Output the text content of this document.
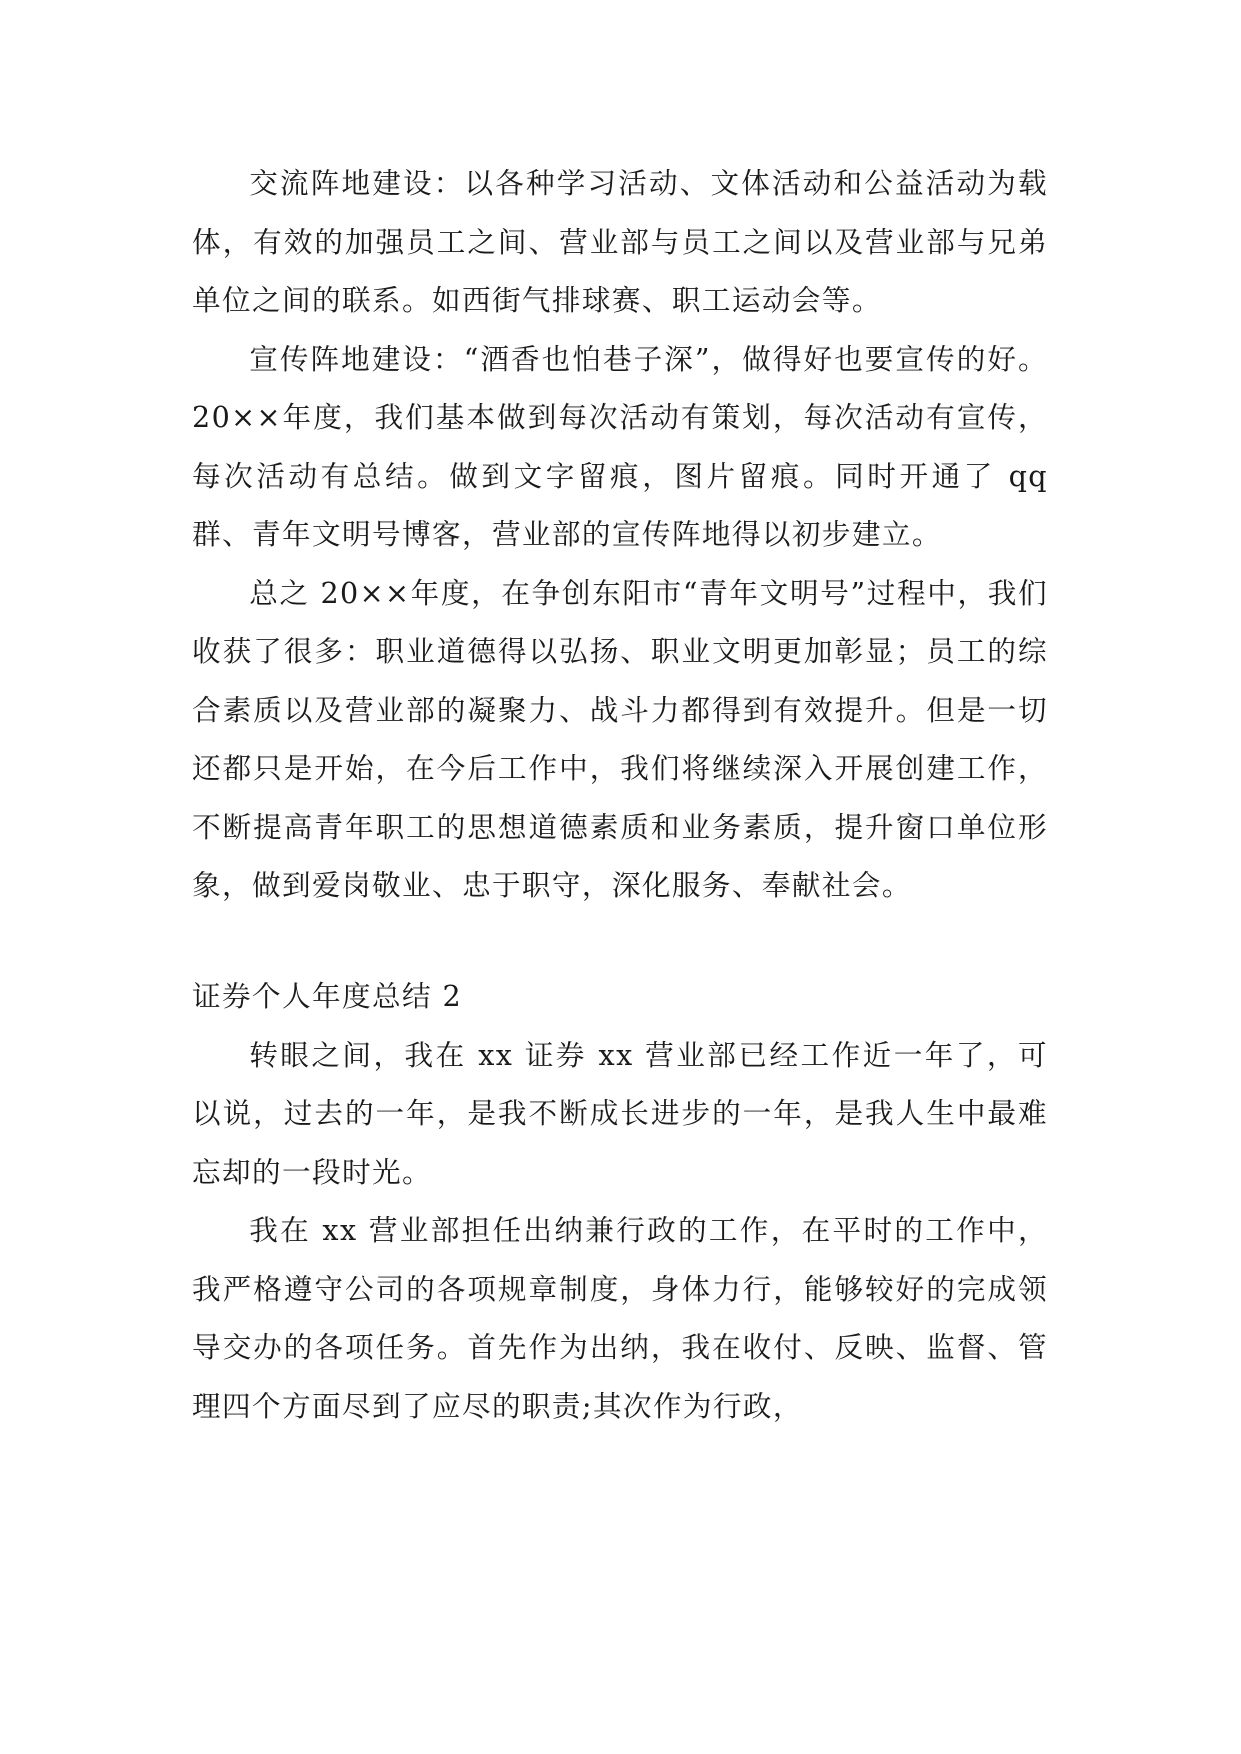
交流阵地建设：以各种学习活动、文体活动和公益活动为载体，有效的加强员工之间、营业部与员工之间以及营业部与兄弟单位之间的联系。如西街气排球赛、职工运动会等。

宣传阵地建设：“酒香也怕巷子深”，做得好也要宣传的好。20××年度，我们基本做到每次活动有策划，每次活动有宣传，每次活动有总结。做到文字留痕，图片留痕。同时开通了 qq 群、青年文明号博客，营业部的宣传阵地得以初步建立。

总之 20××年度，在争创东阳市“青年文明号”过程中，我们收获了很多：职业道德得以弘扬、职业文明更加彰显；员工的综合素质以及营业部的凝聚力、战斗力都得到有效提升。但是一切还都只是开始，在今后工作中，我们将继续深入开展创建工作，不断提高青年职工的思想道德素质和业务素质，提升窗口单位形象，做到爱岗敬业、忠于职守，深化服务、奉献社会。

证券个人年度总结 2

转眼之间，我在 xx 证券 xx 营业部已经工作近一年了，可以说，过去的一年，是我不断成长进步的一年，是我人生中最难忘却的一段时光。

我在 xx 营业部担任出纳兼行政的工作，在平时的工作中，我严格遵守公司的各项规章制度，身体力行，能够较好的完成领导交办的各项任务。首先作为出纳，我在收付、反映、监督、管理四个方面尽到了应尽的职责;其次作为行政，
